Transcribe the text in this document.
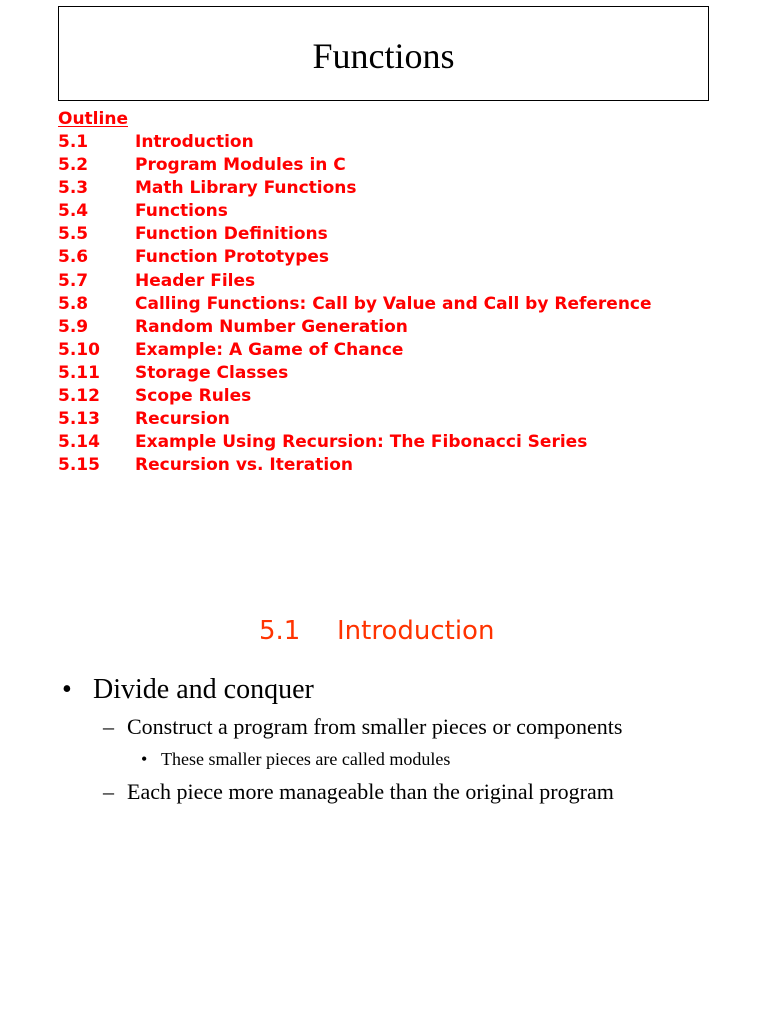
Functions
Outline
5.1	Introduction
5.2	Program Modules in C
5.3	Math Library Functions
5.4	Functions
5.5	Function Definitions
5.6	Function Prototypes
5.7	Header Files
5.8	Calling Functions: Call by Value and Call by Reference
5.9	Random Number Generation
5.10	Example: A Game of Chance
5.11	Storage Classes
5.12	Scope Rules
5.13	Recursion
5.14	Example Using Recursion: The Fibonacci Series
5.15	Recursion vs. Iteration
5.1 Introduction
• Divide and conquer
– Construct a program from smaller pieces or components
• These smaller pieces are called modules
– Each piece more manageable than the original program
